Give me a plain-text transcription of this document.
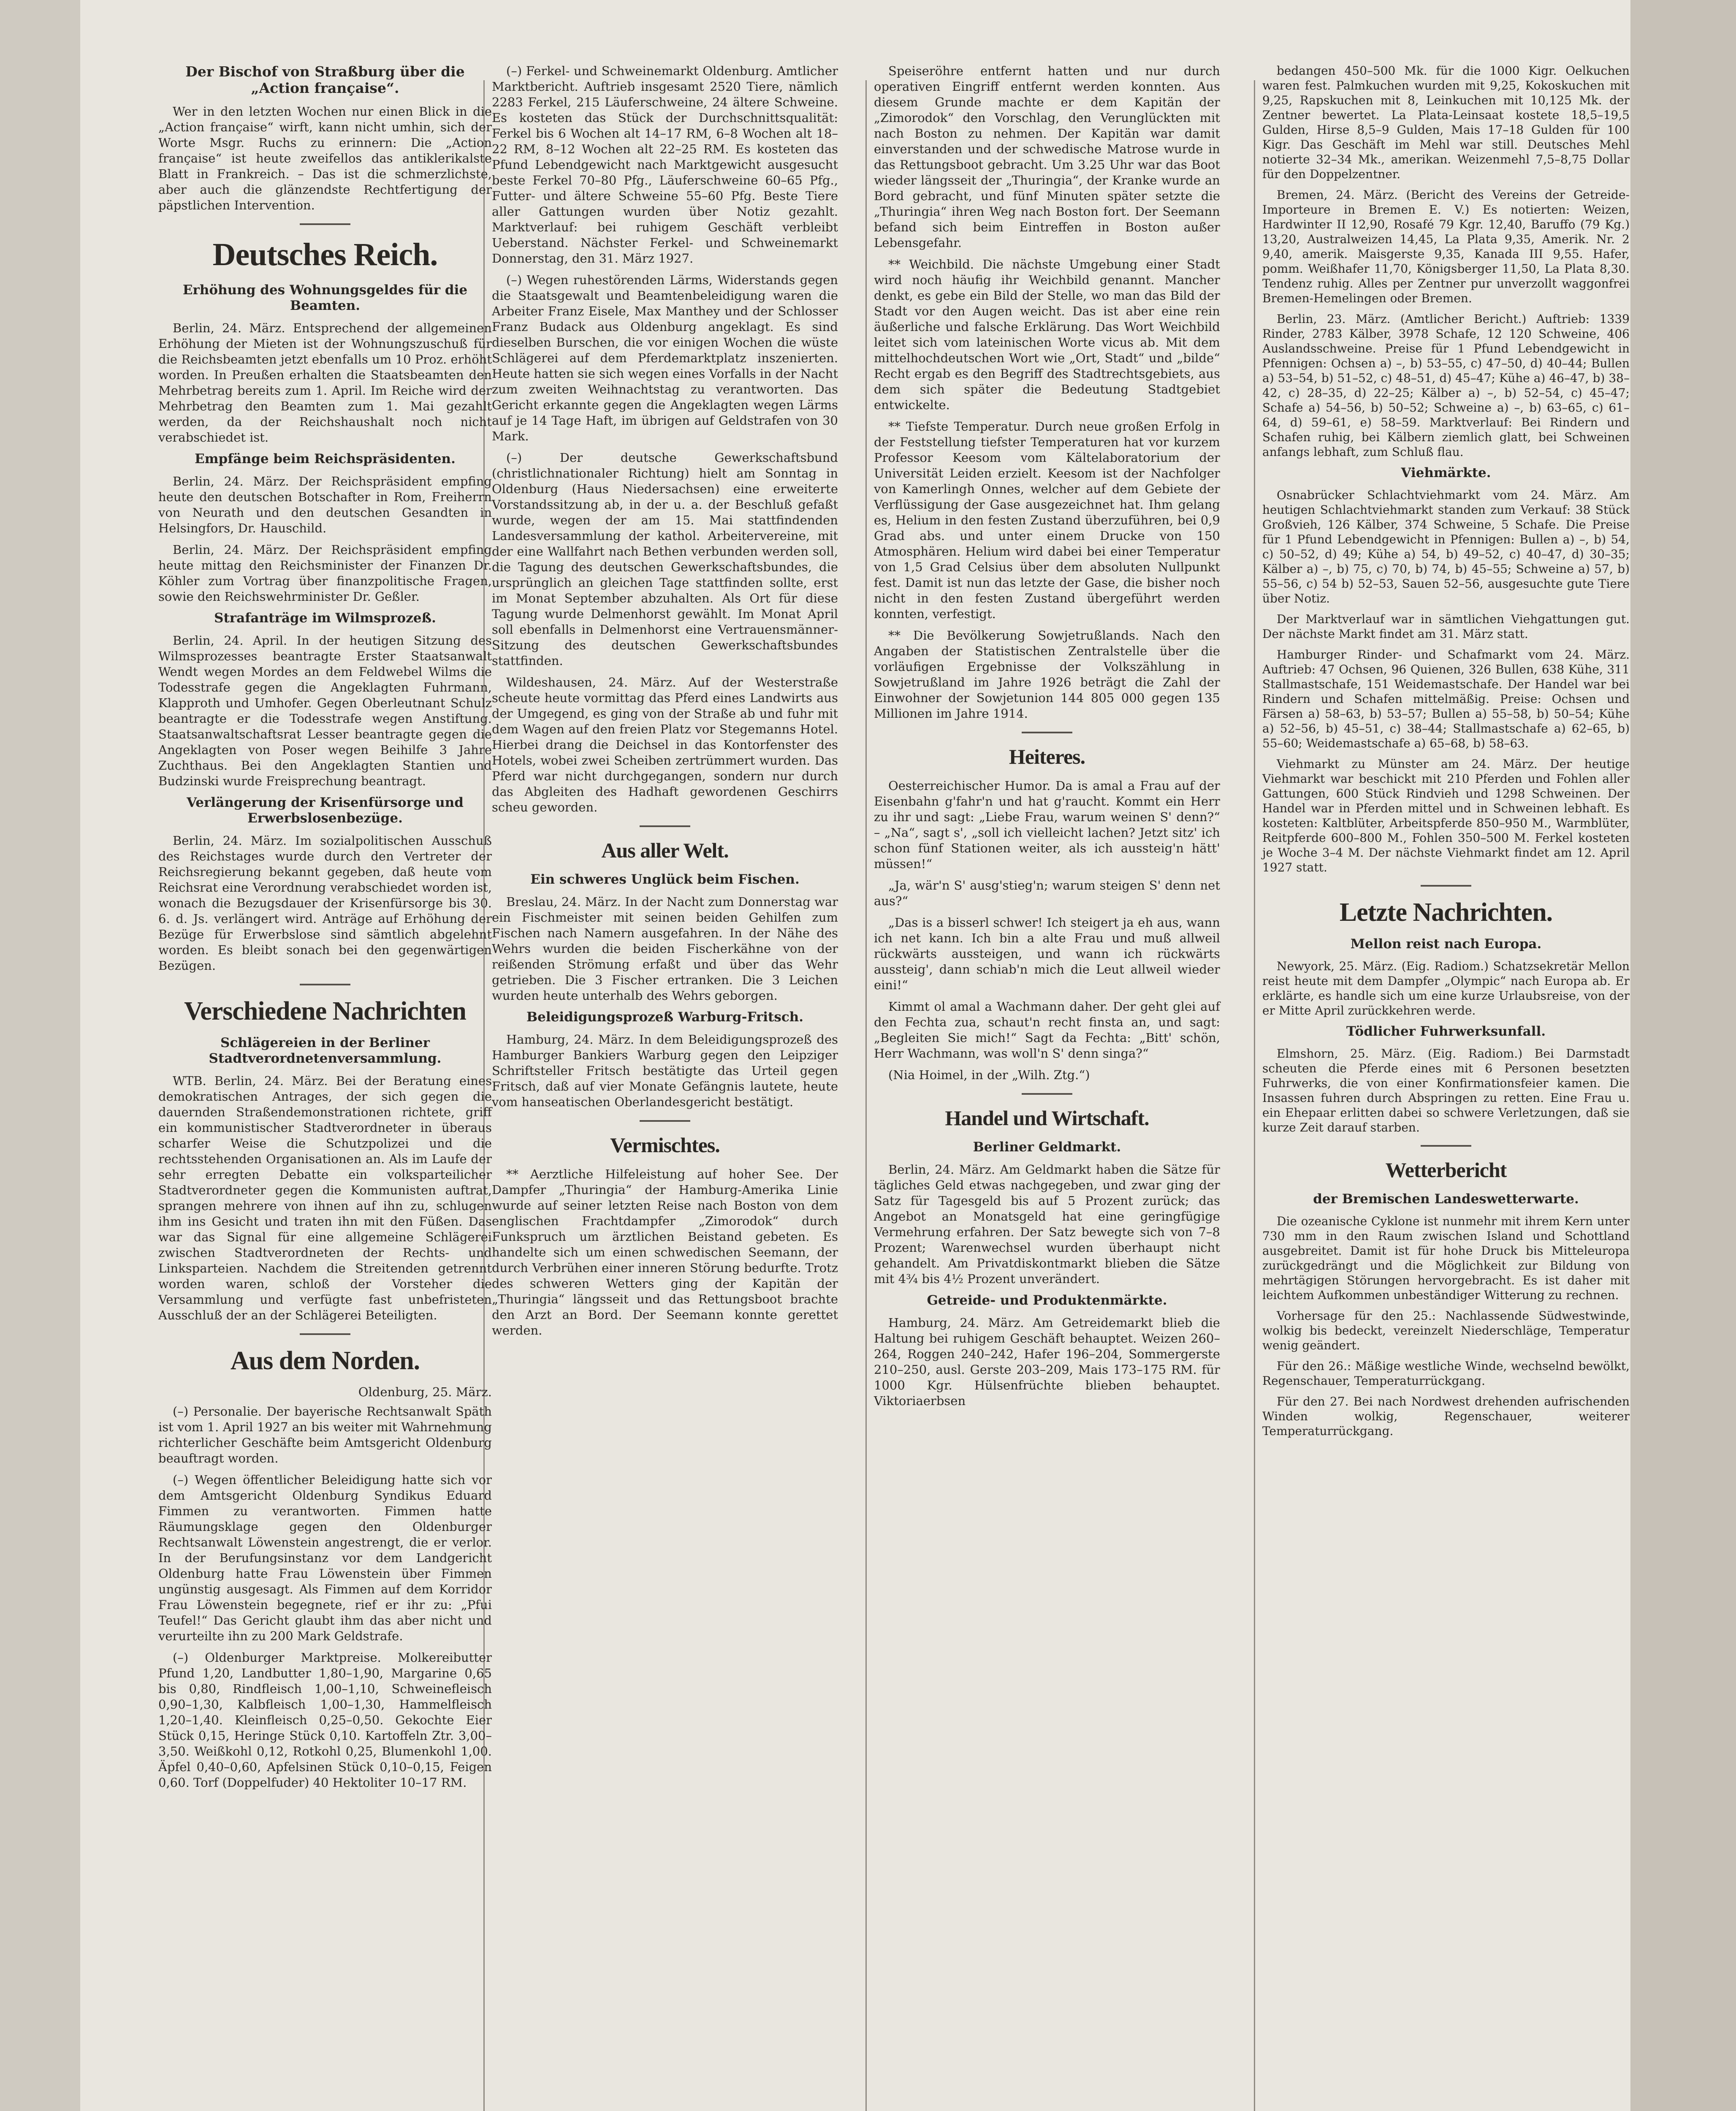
Der Bischof von Straßburg über die „Action française“.

Wer in den letzten Wochen nur einen Blick in die „Action française“ wirft, kann nicht umhin, sich der Worte Msgr. Ruchs zu erinnern: Die „Action française“ ist heute zweifellos das antiklerikalste Blatt in Frankreich. – Das ist die schmerzlichste, aber auch die glänzendste Rechtfertigung der päpstlichen Intervention.

Deutsches Reich.
Erhöhung des Wohnungsgeldes für die Beamten.

Berlin, 24. März. Entsprechend der allgemeinen Erhöhung der Mieten ist der Wohnungszuschuß für die Reichsbeamten jetzt ebenfalls um 10 Proz. erhöht worden. In Preußen erhalten die Staatsbeamten den Mehrbetrag bereits zum 1. April. Im Reiche wird der Mehrbetrag den Beamten zum 1. Mai gezahlt werden, da der Reichshaushalt noch nicht verabschiedet ist.

Empfänge beim Reichspräsidenten.

Berlin, 24. März. Der Reichspräsident empfing heute den deutschen Botschafter in Rom, Freiherrn von Neurath und den deutschen Gesandten in Helsingfors, Dr. Hauschild.

Berlin, 24. März. Der Reichspräsident empfing heute mittag den Reichsminister der Finanzen Dr. Köhler zum Vortrag über finanzpolitische Fragen, sowie den Reichswehrminister Dr. Geßler.

Strafanträge im Wilmsprozeß.

Berlin, 24. April. In der heutigen Sitzung des Wilmsprozesses beantragte Erster Staatsanwalt Wendt wegen Mordes an dem Feldwebel Wilms die Todesstrafe gegen die Angeklagten Fuhrmann, Klapproth und Umhofer. Gegen Oberleutnant Schulz beantragte er die Todesstrafe wegen Anstiftung. Staatsanwaltschaftsrat Lesser beantragte gegen die Angeklagten von Poser wegen Beihilfe 3 Jahre Zuchthaus. Bei den Angeklagten Stantien und Budzinski wurde Freisprechung beantragt.

Verlängerung der Krisenfürsorge und Erwerbslosenbezüge.

Berlin, 24. März. Im sozialpolitischen Ausschuß des Reichstages wurde durch den Vertreter der Reichsregierung bekannt gegeben, daß heute vom Reichsrat eine Verordnung verabschiedet worden ist, wonach die Bezugsdauer der Krisenfürsorge bis 30. 6. d. Js. verlängert wird. Anträge auf Erhöhung der Bezüge für Erwerbslose sind sämtlich abgelehnt worden. Es bleibt sonach bei den gegenwärtigen Bezügen.

Verschiedene Nachrichten
Schlägereien in der Berliner Stadtverordnetenversammlung.

WTB. Berlin, 24. März. Bei der Beratung eines demokratischen Antrages, der sich gegen die dauernden Straßendemonstrationen richtete, griff ein kommunistischer Stadtverordneter in überaus scharfer Weise die Schutzpolizei und die rechtsstehenden Organisationen an. Als im Laufe der sehr erregten Debatte ein volksparteilicher Stadtverordneter gegen die Kommunisten auftrat, sprangen mehrere von ihnen auf ihn zu, schlugen ihm ins Gesicht und traten ihn mit den Füßen. Das war das Signal für eine allgemeine Schlägerei zwischen Stadtverordneten der Rechts- und Linksparteien. Nachdem die Streitenden getrennt worden waren, schloß der Vorsteher die Versammlung und verfügte fast unbefristeten Ausschluß der an der Schlägerei Beteiligten.

Aus dem Norden.
Oldenburg, 25. März.

(–) Personalie. Der bayerische Rechtsanwalt Späth ist vom 1. April 1927 an bis weiter mit Wahrnehmung richterlicher Geschäfte beim Amtsgericht Oldenburg beauftragt worden.

(–) Wegen öffentlicher Beleidigung hatte sich vor dem Amtsgericht Oldenburg Syndikus Eduard Fimmen zu verantworten. Fimmen hatte Räumungsklage gegen den Oldenburger Rechtsanwalt Löwenstein angestrengt, die er verlor. In der Berufungsinstanz vor dem Landgericht Oldenburg hatte Frau Löwenstein über Fimmen ungünstig ausgesagt. Als Fimmen auf dem Korridor Frau Löwenstein begegnete, rief er ihr zu: „Pfui Teufel!“ Das Gericht glaubt ihm das aber nicht und verurteilte ihn zu 200 Mark Geldstrafe.

(–) Oldenburger Marktpreise. Molkereibutter Pfund 1,20, Landbutter 1,80–1,90, Margarine 0,65 bis 0,80, Rindfleisch 1,00–1,10, Schweinefleisch 0,90–1,30, Kalbfleisch 1,00–1,30, Hammelfleisch 1,20–1,40. Kleinfleisch 0,25–0,50. Gekochte Eier Stück 0,15, Heringe Stück 0,10. Kartoffeln Ztr. 3,00–3,50. Weißkohl 0,12, Rotkohl 0,25, Blumenkohl 1,00. Äpfel 0,40–0,60, Apfelsinen Stück 0,10–0,15, Feigen 0,60. Torf (Doppelfuder) 40 Hektoliter 10–17 RM.

(–) Ferkel- und Schweinemarkt Oldenburg. Amtlicher Marktbericht. Auftrieb insgesamt 2520 Tiere, nämlich 2283 Ferkel, 215 Läuferschweine, 24 ältere Schweine. Es kosteten das Stück der Durchschnittsqualität: Ferkel bis 6 Wochen alt 14–17 RM, 6–8 Wochen alt 18–22 RM, 8–12 Wochen alt 22–25 RM. Es kosteten das Pfund Lebendgewicht nach Marktgewicht ausgesucht beste Ferkel 70–80 Pfg., Läuferschweine 60–65 Pfg., Futter- und ältere Schweine 55–60 Pfg. Beste Tiere aller Gattungen wurden über Notiz gezahlt. Marktverlauf: bei ruhigem Geschäft verbleibt Ueberstand. Nächster Ferkel- und Schweinemarkt Donnerstag, den 31. März 1927.

(–) Wegen ruhestörenden Lärms, Widerstands gegen die Staatsgewalt und Beamtenbeleidigung waren die Arbeiter Franz Eisele, Max Manthey und der Schlosser Franz Budack aus Oldenburg angeklagt. Es sind dieselben Burschen, die vor einigen Wochen die wüste Schlägerei auf dem Pferdemarktplatz inszenierten. Heute hatten sie sich wegen eines Vorfalls in der Nacht zum zweiten Weihnachtstag zu verantworten. Das Gericht erkannte gegen die Angeklagten wegen Lärms auf je 14 Tage Haft, im übrigen auf Geldstrafen von 30 Mark.

(–) Der deutsche Gewerkschaftsbund (christlichnationaler Richtung) hielt am Sonntag in Oldenburg (Haus Niedersachsen) eine erweiterte Vorstandssitzung ab, in der u. a. der Beschluß gefaßt wurde, wegen der am 15. Mai stattfindenden Landesversammlung der kathol. Arbeitervereine, mit der eine Wallfahrt nach Bethen verbunden werden soll, die Tagung des deutschen Gewerkschaftsbundes, die ursprünglich an gleichen Tage stattfinden sollte, erst im Monat September abzuhalten. Als Ort für diese Tagung wurde Delmenhorst gewählt. Im Monat April soll ebenfalls in Delmenhorst eine Vertrauensmänner-Sitzung des deutschen Gewerkschaftsbundes stattfinden.

Wildeshausen, 24. März. Auf der Westerstraße scheute heute vormittag das Pferd eines Landwirts aus der Umgegend, es ging von der Straße ab und fuhr mit dem Wagen auf den freien Platz vor Stegemanns Hotel. Hierbei drang die Deichsel in das Kontorfenster des Hotels, wobei zwei Scheiben zertrümmert wurden. Das Pferd war nicht durchgegangen, sondern nur durch das Abgleiten des Hadhaft gewordenen Geschirrs scheu geworden.

Aus aller Welt.
Ein schweres Unglück beim Fischen.

Breslau, 24. März. In der Nacht zum Donnerstag war ein Fischmeister mit seinen beiden Gehilfen zum Fischen nach Namern ausgefahren. In der Nähe des Wehrs wurden die beiden Fischerkähne von der reißenden Strömung erfaßt und über das Wehr getrieben. Die 3 Fischer ertranken. Die 3 Leichen wurden heute unterhalb des Wehrs geborgen.

Beleidigungsprozeß Warburg-Fritsch.

Hamburg, 24. März. In dem Beleidigungsprozeß des Hamburger Bankiers Warburg gegen den Leipziger Schriftsteller Fritsch bestätigte das Urteil gegen Fritsch, daß auf vier Monate Gefängnis lautete, heute vom hanseatischen Oberlandesgericht bestätigt.

Vermischtes.

** Aerztliche Hilfeleistung auf hoher See. Der Dampfer „Thuringia“ der Hamburg-Amerika Linie wurde auf seiner letzten Reise nach Boston von dem englischen Frachtdampfer „Zimorodok“ durch Funkspruch um ärztlichen Beistand gebeten. Es handelte sich um einen schwedischen Seemann, der durch Verbrühen einer inneren Störung bedurfte. Trotz des schweren Wetters ging der Kapitän der „Thuringia“ längsseit und das Rettungsboot brachte den Arzt an Bord. Der Seemann konnte gerettet werden.

Speiseröhre entfernt hatten und nur durch operativen Eingriff entfernt werden konnten. Aus diesem Grunde machte er dem Kapitän der „Zimorodok“ den Vorschlag, den Verunglückten mit nach Boston zu nehmen. Der Kapitän war damit einverstanden und der schwedische Matrose wurde in das Rettungsboot gebracht. Um 3.25 Uhr war das Boot wieder längsseit der „Thuringia“, der Kranke wurde an Bord gebracht, und fünf Minuten später setzte die „Thuringia“ ihren Weg nach Boston fort. Der Seemann befand sich beim Eintreffen in Boston außer Lebensgefahr.

** Weichbild. Die nächste Umgebung einer Stadt wird noch häufig ihr Weichbild genannt. Mancher denkt, es gebe ein Bild der Stelle, wo man das Bild der Stadt vor den Augen weicht. Das ist aber eine rein äußerliche und falsche Erklärung. Das Wort Weichbild leitet sich vom lateinischen Worte vicus ab. Mit dem mittelhochdeutschen Wort wie „Ort, Stadt“ und „bilde“ Recht ergab es den Begriff des Stadtrechtsgebiets, aus dem sich später die Bedeutung Stadtgebiet entwickelte.

** Tiefste Temperatur. Durch neue großen Erfolg in der Feststellung tiefster Temperaturen hat vor kurzem Professor Keesom vom Kältelaboratorium der Universität Leiden erzielt. Keesom ist der Nachfolger von Kamerlingh Onnes, welcher auf dem Gebiete der Verflüssigung der Gase ausgezeichnet hat. Ihm gelang es, Helium in den festen Zustand überzuführen, bei 0,9 Grad abs. und unter einem Drucke von 150 Atmosphären. Helium wird dabei bei einer Temperatur von 1,5 Grad Celsius über dem absoluten Nullpunkt fest. Damit ist nun das letzte der Gase, die bisher noch nicht in den festen Zustand übergeführt werden konnten, verfestigt.

** Die Bevölkerung Sowjetrußlands. Nach den Angaben der Statistischen Zentralstelle über die vorläufigen Ergebnisse der Volkszählung in Sowjetrußland im Jahre 1926 beträgt die Zahl der Einwohner der Sowjetunion 144 805 000 gegen 135 Millionen im Jahre 1914.

Heiteres.

Oesterreichischer Humor. Da is amal a Frau auf der Eisenbahn g'fahr'n und hat g'raucht. Kommt ein Herr zu ihr und sagt: „Liebe Frau, warum weinen S' denn?“ – „Na“, sagt s', „soll ich vielleicht lachen? Jetzt sitz' ich schon fünf Stationen weiter, als ich aussteig'n hätt' müssen!“

„Ja, wär'n S' ausg'stieg'n; warum steigen S' denn net aus?“

„Das is a bisserl schwer! Ich steigert ja eh aus, wann ich net kann. Ich bin a alte Frau und muß allweil rückwärts aussteigen, und wann ich rückwärts aussteig', dann schiab'n mich die Leut allweil wieder eini!“

Kimmt ol amal a Wachmann daher. Der geht glei auf den Fechta zua, schaut'n recht finsta an, und sagt: „Begleiten Sie mich!“ Sagt da Fechta: „Bitt' schön, Herr Wachmann, was woll'n S' denn singa?“

(Nia Hoimel, in der „Wilh. Ztg.“)

Handel und Wirtschaft.
Berliner Geldmarkt.

Berlin, 24. März. Am Geldmarkt haben die Sätze für tägliches Geld etwas nachgegeben, und zwar ging der Satz für Tagesgeld bis auf 5 Prozent zurück; das Angebot an Monatsgeld hat eine geringfügige Vermehrung erfahren. Der Satz bewegte sich von 7–8 Prozent; Warenwechsel wurden überhaupt nicht gehandelt. Am Privatdiskontmarkt blieben die Sätze mit 4¾ bis 4½ Prozent unverändert.

Getreide- und Produktenmärkte.

Hamburg, 24. März. Am Getreidemarkt blieb die Haltung bei ruhigem Geschäft behauptet. Weizen 260–264, Roggen 240–242, Hafer 196–204, Sommergerste 210–250, ausl. Gerste 203–209, Mais 173–175 RM. für 1000 Kgr. Hülsenfrüchte blieben behauptet. Viktoriaerbsen

bedangen 450–500 Mk. für die 1000 Kigr. Oelkuchen waren fest. Palmkuchen wurden mit 9,25, Kokoskuchen mit 9,25, Rapskuchen mit 8, Leinkuchen mit 10,125 Mk. der Zentner bewertet. La Plata-Leinsaat kostete 18,5–19,5 Gulden, Hirse 8,5–9 Gulden, Mais 17–18 Gulden für 100 Kigr. Das Geschäft im Mehl war still. Deutsches Mehl notierte 32–34 Mk., amerikan. Weizenmehl 7,5–8,75 Dollar für den Doppelzentner.

Bremen, 24. März. (Bericht des Vereins der Getreide-Importeure in Bremen E. V.) Es notierten: Weizen, Hardwinter II 12,90, Rosafé 79 Kgr. 12,40, Baruffo (79 Kg.) 13,20, Australweizen 14,45, La Plata 9,35, Amerik. Nr. 2 9,40, amerik. Maisgerste 9,35, Kanada III 9,55. Hafer, pomm. Weißhafer 11,70, Königsberger 11,50, La Plata 8,30. Tendenz ruhig. Alles per Zentner pur unverzollt waggonfrei Bremen-Hemelingen oder Bremen.

Berlin, 23. März. (Amtlicher Bericht.) Auftrieb: 1339 Rinder, 2783 Kälber, 3978 Schafe, 12 120 Schweine, 406 Auslandsschweine. Preise für 1 Pfund Lebendgewicht in Pfennigen: Ochsen a) –, b) 53–55, c) 47–50, d) 40–44; Bullen a) 53–54, b) 51–52, c) 48–51, d) 45–47; Kühe a) 46–47, b) 38–42, c) 28–35, d) 22–25; Kälber a) –, b) 52–54, c) 45–47; Schafe a) 54–56, b) 50–52; Schweine a) –, b) 63–65, c) 61–64, d) 59–61, e) 58–59. Marktverlauf: Bei Rindern und Schafen ruhig, bei Kälbern ziemlich glatt, bei Schweinen anfangs lebhaft, zum Schluß flau.

Viehmärkte.

Osnabrücker Schlachtviehmarkt vom 24. März. Am heutigen Schlachtviehmarkt standen zum Verkauf: 38 Stück Großvieh, 126 Kälber, 374 Schweine, 5 Schafe. Die Preise für 1 Pfund Lebendgewicht in Pfennigen: Bullen a) –, b) 54, c) 50–52, d) 49; Kühe a) 54, b) 49–52, c) 40–47, d) 30–35; Kälber a) –, b) 75, c) 70, b) 74, b) 45–55; Schweine a) 57, b) 55–56, c) 54 b) 52–53, Sauen 52–56, ausgesuchte gute Tiere über Notiz.

Der Marktverlauf war in sämtlichen Viehgattungen gut. Der nächste Markt findet am 31. März statt.

Hamburger Rinder- und Schafmarkt vom 24. März. Auftrieb: 47 Ochsen, 96 Quienen, 326 Bullen, 638 Kühe, 311 Stallmastschafe, 151 Weidemastschafe. Der Handel war bei Rindern und Schafen mittelmäßig. Preise: Ochsen und Färsen a) 58–63, b) 53–57; Bullen a) 55–58, b) 50–54; Kühe a) 52–56, b) 45–51, c) 38–44; Stallmastschafe a) 62–65, b) 55–60; Weidemastschafe a) 65–68, b) 58–63.

Viehmarkt zu Münster am 24. März. Der heutige Viehmarkt war beschickt mit 210 Pferden und Fohlen aller Gattungen, 600 Stück Rindvieh und 1298 Schweinen. Der Handel war in Pferden mittel und in Schweinen lebhaft. Es kosteten: Kaltblüter, Arbeitspferde 850–950 M., Warmblüter, Reitpferde 600–800 M., Fohlen 350–500 M. Ferkel kosteten je Woche 3–4 M. Der nächste Viehmarkt findet am 12. April 1927 statt.

Letzte Nachrichten.
Mellon reist nach Europa.

Newyork, 25. März. (Eig. Radiom.) Schatzsekretär Mellon reist heute mit dem Dampfer „Olympic“ nach Europa ab. Er erklärte, es handle sich um eine kurze Urlaubsreise, von der er Mitte April zurückkehren werde.

Tödlicher Fuhrwerksunfall.

Elmshorn, 25. März. (Eig. Radiom.) Bei Darmstadt scheuten die Pferde eines mit 6 Personen besetzten Fuhrwerks, die von einer Konfirmationsfeier kamen. Die Insassen fuhren durch Abspringen zu retten. Eine Frau u. ein Ehepaar erlitten dabei so schwere Verletzungen, daß sie kurze Zeit darauf starben.

Wetterbericht
der Bremischen Landeswetterwarte.

Die ozeanische Cyklone ist nunmehr mit ihrem Kern unter 730 mm in den Raum zwischen Island und Schottland ausgebreitet. Damit ist für hohe Druck bis Mitteleuropa zurückgedrängt und die Möglichkeit zur Bildung von mehrtägigen Störungen hervorgebracht. Es ist daher mit leichtem Aufkommen unbeständiger Witterung zu rechnen.

Vorhersage für den 25.: Nachlassende Südwestwinde, wolkig bis bedeckt, vereinzelt Niederschläge, Temperatur wenig geändert.

Für den 26.: Mäßige westliche Winde, wechselnd bewölkt, Regenschauer, Temperaturrückgang.

Für den 27. Bei nach Nordwest drehenden aufrischenden Winden wolkig, Regenschauer, weiterer Temperaturrückgang.
